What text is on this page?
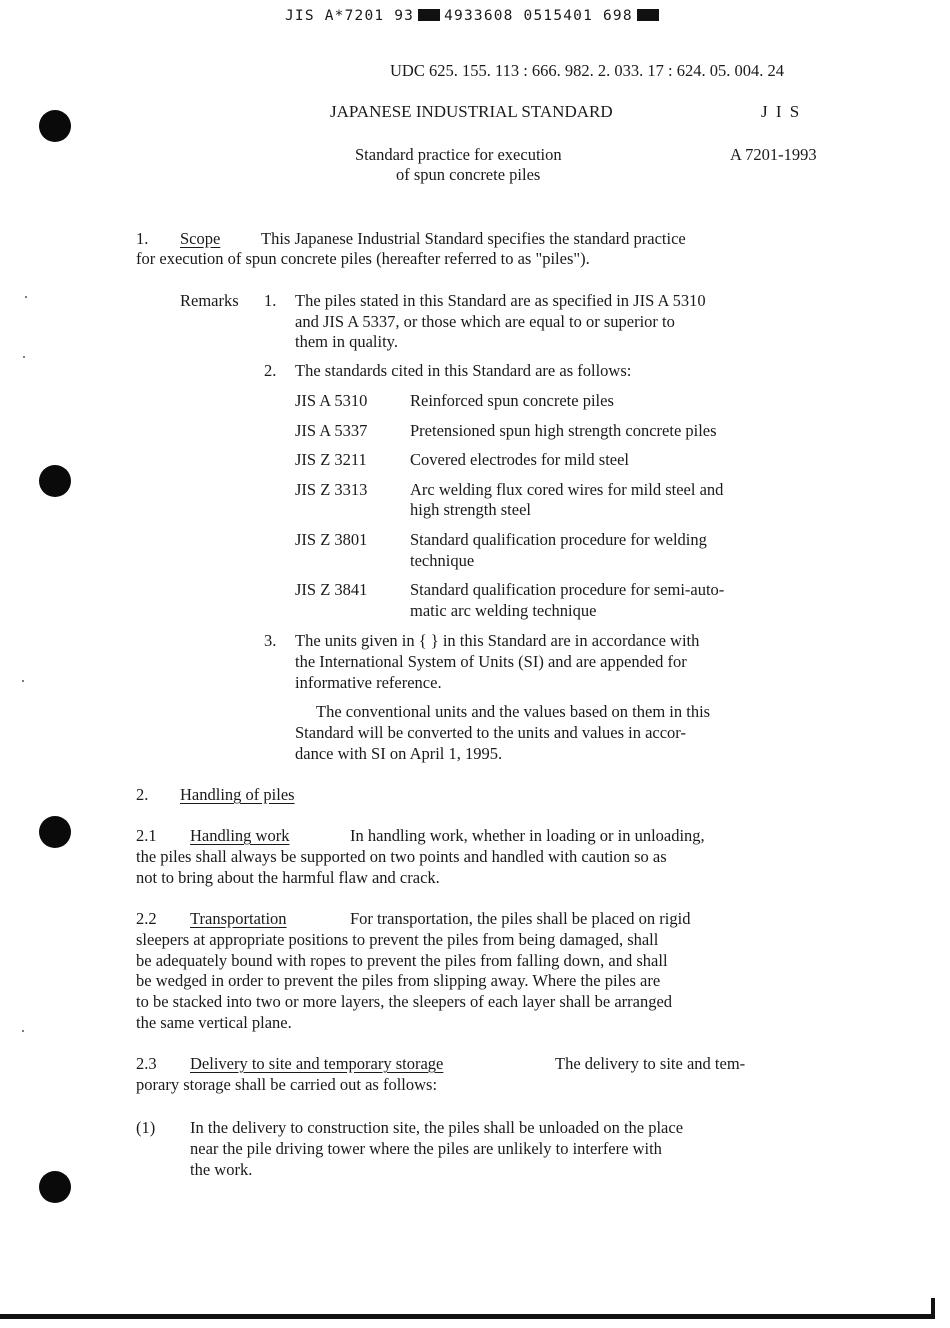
JIS A*7201 93 4933608 0515401 698
UDC 625. 155. 113 : 666. 982. 2. 033. 17 : 624. 05. 004. 24
JAPANESE INDUSTRIAL STANDARD	J I S
Standard practice for execution
of spun concrete piles
A 7201-1993
1. Scope This Japanese Industrial Standard specifies the standard practice
for execution of spun concrete piles (hereafter referred to as "piles").
Remarks 1. The piles stated in this Standard are as specified in JIS A 5310
and JIS A 5337, or those which are equal to or superior to
them in quality.
2. The standards cited in this Standard are as follows:
JIS A 5310	Reinforced spun concrete piles
JIS A 5337	Pretensioned spun high strength concrete piles
JIS Z 3211	Covered electrodes for mild steel
JIS Z 3313	Arc welding flux cored wires for mild steel and
high strength steel
JIS Z 3801	Standard qualification procedure for welding
technique
JIS Z 3841	Standard qualification procedure for semi-auto-
matic arc welding technique
3. The units given in { } in this Standard are in accordance with
the International System of Units (SI) and are appended for
informative reference.
The conventional units and the values based on them in this
Standard will be converted to the units and values in accor-
dance with SI on April 1, 1995.
2. Handling of piles
2.1 Handling work	In handling work, whether in loading or in unloading,
the piles shall always be supported on two points and handled with caution so as
not to bring about the harmful flaw and crack.
2.2 Transportation	For transportation, the piles shall be placed on rigid
sleepers at appropriate positions to prevent the piles from being damaged, shall
be adequately bound with ropes to prevent the piles from falling down, and shall
be wedged in order to prevent the piles from slipping away. Where the piles are
to be stacked into two or more layers, the sleepers of each layer shall be arranged
the same vertical plane.
2.3 Delivery to site and temporary storage	The delivery to site and tem-
porary storage shall be carried out as follows:
(1) In the delivery to construction site, the piles shall be unloaded on the place
near the pile driving tower where the piles are unlikely to interfere with
the work.
